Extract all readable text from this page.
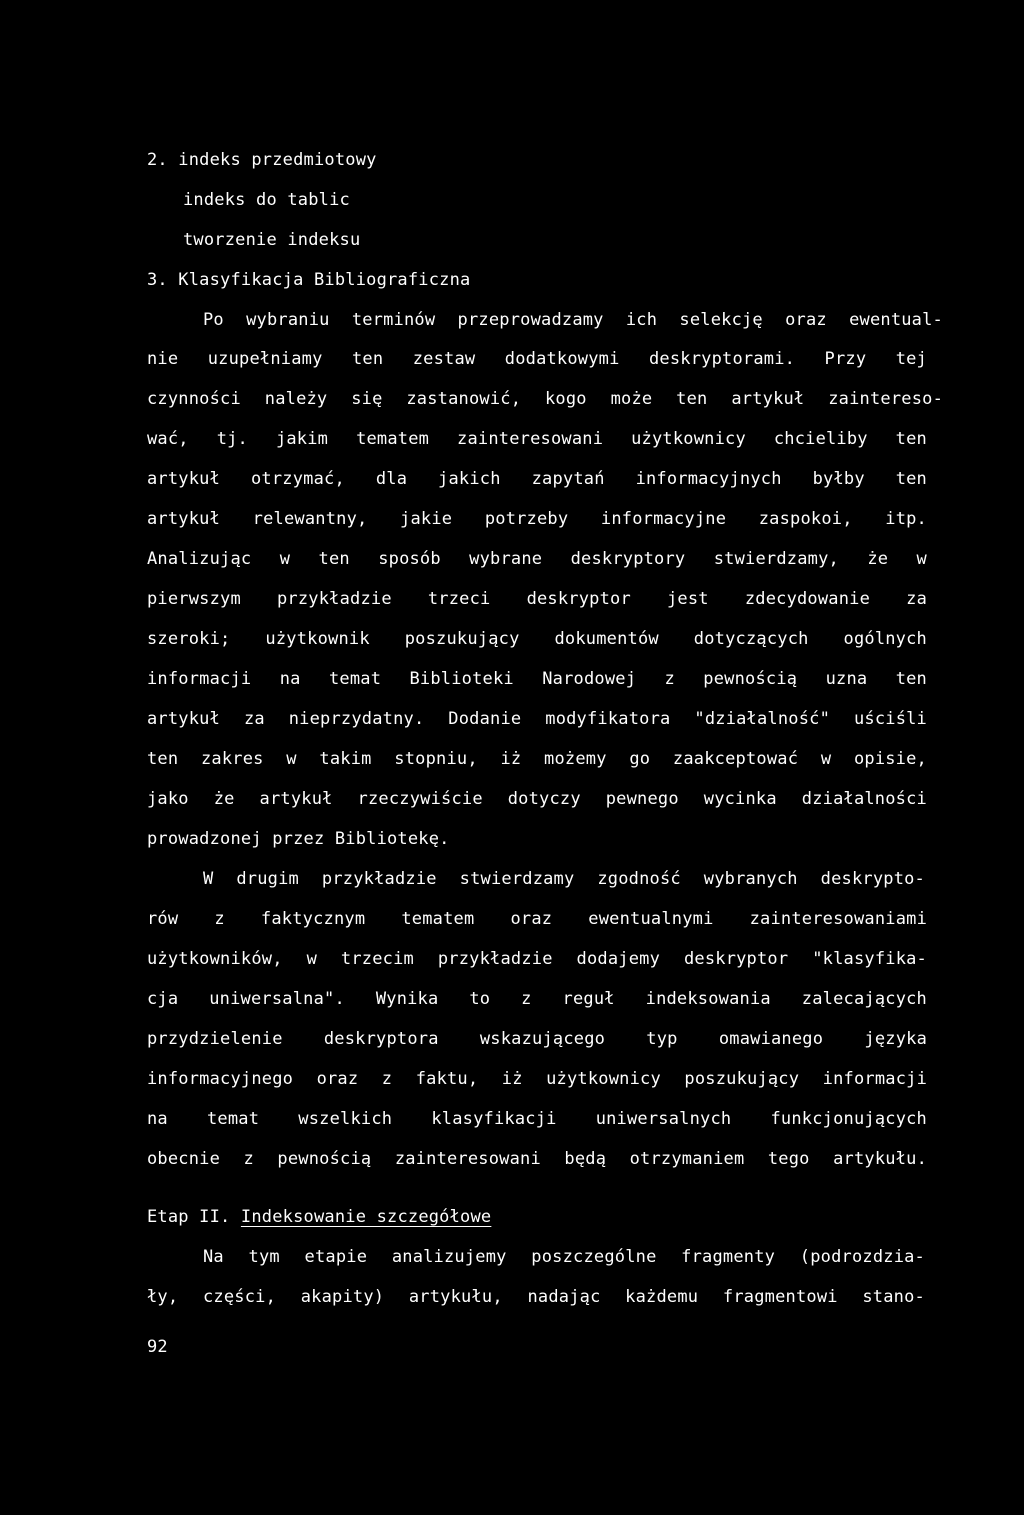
2. indeks przedmiotowy
indeks do tablic
tworzenie indeksu
3. Klasyfikacja Bibliograficzna
Po wybraniu terminów przeprowadzamy ich selekcję oraz ewentual-
nie uzupełniamy ten zestaw dodatkowymi deskryptorami. Przy tej
czynności należy się zastanowić, kogo może ten artykuł zaintereso-
wać, tj. jakim tematem zainteresowani użytkownicy chcieliby ten
artykuł otrzymać, dla jakich zapytań informacyjnych byłby ten
artykuł relewantny, jakie potrzeby informacyjne zaspokoi, itp.
Analizując w ten sposób wybrane deskryptory stwierdzamy, że w
pierwszym przykładzie trzeci deskryptor jest zdecydowanie za
szeroki; użytkownik poszukujący dokumentów dotyczących ogólnych
informacji na temat Biblioteki Narodowej z pewnością uzna ten
artykuł za nieprzydatny. Dodanie modyfikatora "działalność" uściśli
ten zakres w takim stopniu, iż możemy go zaakceptować w opisie,
jako że artykuł rzeczywiście dotyczy pewnego wycinka działalności
prowadzonej przez Bibliotekę.
W drugim przykładzie stwierdzamy zgodność wybranych deskrypto-
rów z faktycznym tematem oraz ewentualnymi zainteresowaniami
użytkowników, w trzecim przykładzie dodajemy deskryptor "klasyfika-
cja uniwersalna". Wynika to z reguł indeksowania zalecających
przydzielenie deskryptora wskazującego typ omawianego języka
informacyjnego oraz z faktu, iż użytkownicy poszukujący informacji
na temat wszelkich klasyfikacji uniwersalnych funkcjonujących
obecnie z pewnością zainteresowani będą otrzymaniem tego artykułu.
Etap II. Indeksowanie szczegółowe
Na tym etapie analizujemy poszczególne fragmenty (podrozdzia-
ły, części, akapity) artykułu, nadając każdemu fragmentowi stano-
92
